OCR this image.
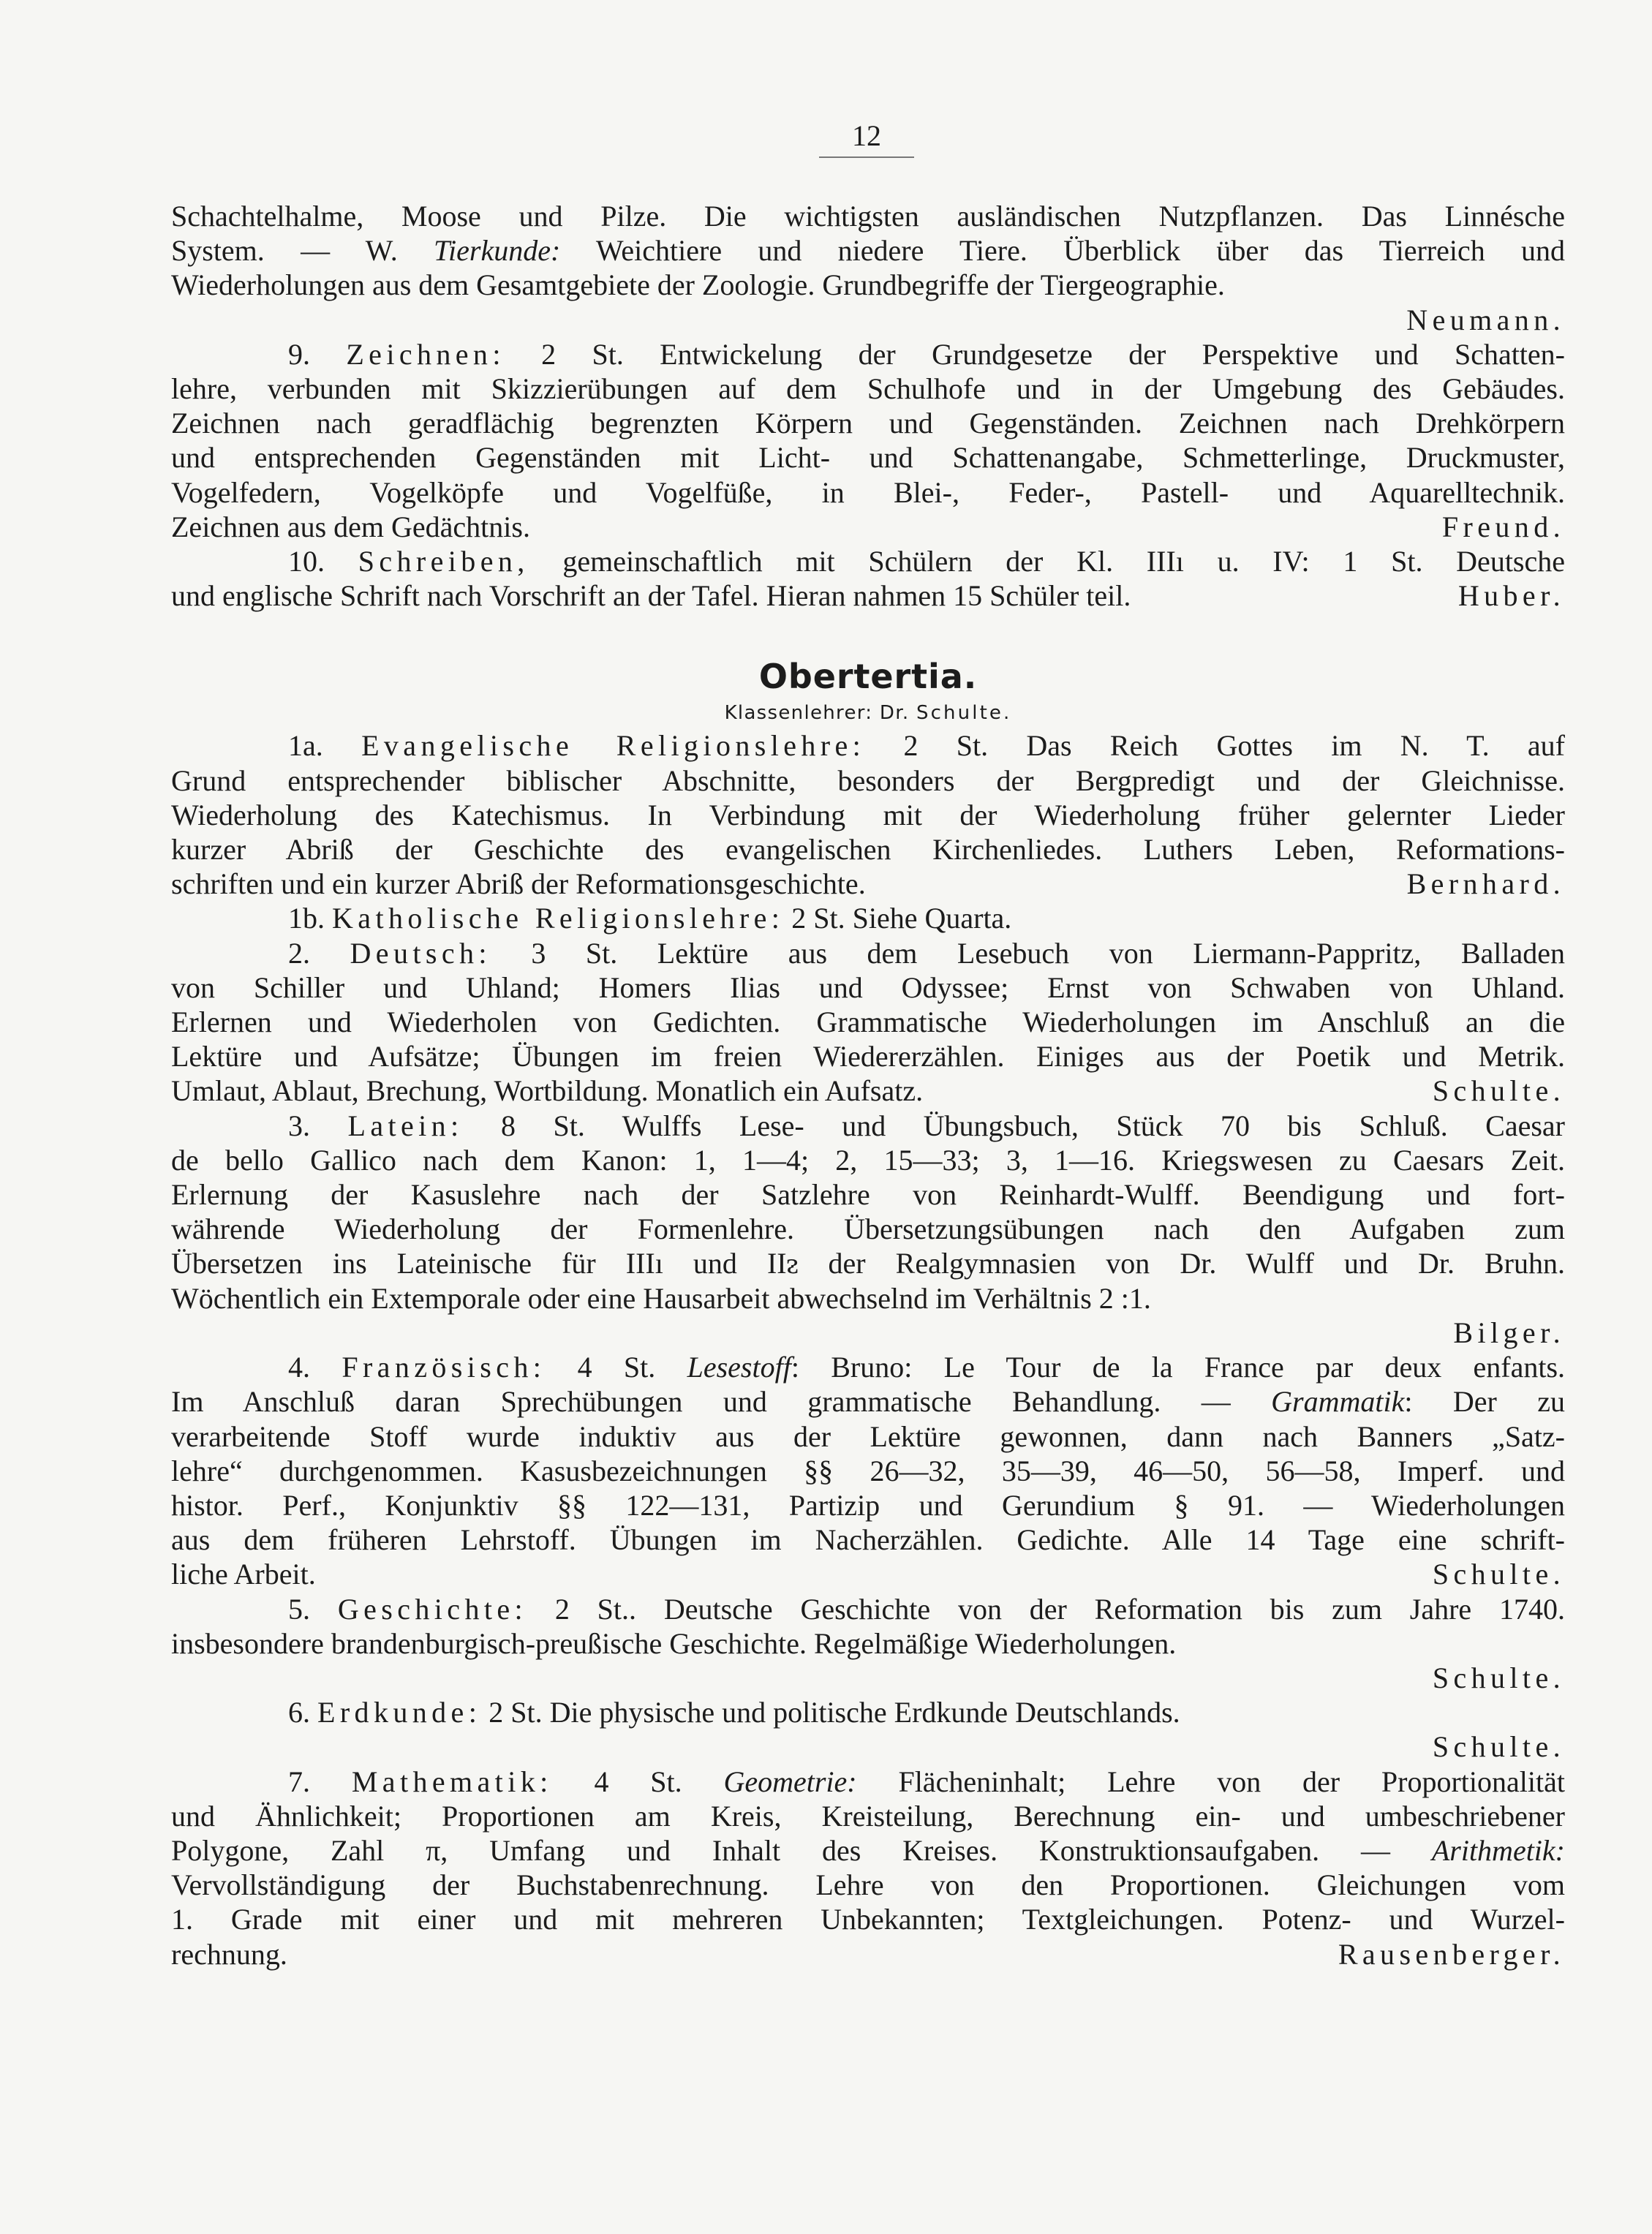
12

Schachtelhalme, Moose und Pilze. Die wichtigsten ausländischen Nutzpflanzen. Das Linnésche

System. — W. Tierkunde: Weichtiere und niedere Tiere. Überblick über das Tierreich und

Wiederholungen aus dem Gesamtgebiete der Zoologie. Grundbegriffe der Tiergeographie.

Neumann.

9. Zeichnen: 2 St. Entwickelung der Grundgesetze der Perspektive und Schatten-

lehre, verbunden mit Skizzierübungen auf dem Schulhofe und in der Umgebung des Gebäudes.

Zeichnen nach geradflächig begrenzten Körpern und Gegenständen. Zeichnen nach Drehkörpern

und entsprechenden Gegenständen mit Licht- und Schattenangabe, Schmetterlinge, Druckmuster,

Vogelfedern, Vogelköpfe und Vogelfüße, in Blei-, Feder-, Pastell- und Aquarelltechnik.

Zeichnen aus dem Gedächtnis.	Freund.

10. Schreiben, gemeinschaftlich mit Schülern der Kl. IIIı u. IV: 1 St. Deutsche

und englische Schrift nach Vorschrift an der Tafel. Hieran nahmen 15 Schüler teil.	Huber.
Obertertia.
Klassenlehrer: Dr. Schulte.

1a. Evangelische Religionslehre: 2 St. Das Reich Gottes im N. T. auf

Grund entsprechender biblischer Abschnitte, besonders der Bergpredigt und der Gleichnisse.

Wiederholung des Katechismus. In Verbindung mit der Wiederholung früher gelernter Lieder

kurzer Abriß der Geschichte des evangelischen Kirchenliedes. Luthers Leben, Reformations-

schriften und ein kurzer Abriß der Reformationsgeschichte.	Bernhard.

1b. Katholische Religionslehre: 2 St. Siehe Quarta.

2. Deutsch: 3 St. Lektüre aus dem Lesebuch von Liermann-Pappritz, Balladen

von Schiller und Uhland; Homers Ilias und Odyssee; Ernst von Schwaben von Uhland.

Erlernen und Wiederholen von Gedichten. Grammatische Wiederholungen im Anschluß an die

Lektüre und Aufsätze; Übungen im freien Wiedererzählen. Einiges aus der Poetik und Metrik.

Umlaut, Ablaut, Brechung, Wortbildung. Monatlich ein Aufsatz.	Schulte.

3. Latein: 8 St. Wulffs Lese- und Übungsbuch, Stück 70 bis Schluß. Caesar

de bello Gallico nach dem Kanon: 1, 1—4; 2, 15—33; 3, 1—16. Kriegswesen zu Caesars Zeit.

Erlernung der Kasuslehre nach der Satzlehre von Reinhardt-Wulff. Beendigung und fort-

währende Wiederholung der Formenlehre. Übersetzungsübungen nach den Aufgaben zum

Übersetzen ins Lateinische für IIIı und IIᴤ der Realgymnasien von Dr. Wulff und Dr. Bruhn.

Wöchentlich ein Extemporale oder eine Hausarbeit abwechselnd im Verhältnis 2 :1.

Bilger.

4. Französisch: 4 St. Lesestoff: Bruno: Le Tour de la France par deux enfants.

Im Anschluß daran Sprechübungen und grammatische Behandlung. — Grammatik: Der zu

verarbeitende Stoff wurde induktiv aus der Lektüre gewonnen, dann nach Banners „Satz-

lehre“ durchgenommen. Kasusbezeichnungen §§ 26—32, 35—39, 46—50, 56—58, Imperf. und

histor. Perf., Konjunktiv §§ 122—131, Partizip und Gerundium § 91. — Wiederholungen

aus dem früheren Lehrstoff. Übungen im Nacherzählen. Gedichte. Alle 14 Tage eine schrift-

liche Arbeit.	Schulte.

5. Geschichte: 2 St.. Deutsche Geschichte von der Reformation bis zum Jahre 1740.

insbesondere brandenburgisch-preußische Geschichte. Regelmäßige Wiederholungen.

Schulte.

6. Erdkunde: 2 St. Die physische und politische Erdkunde Deutschlands.

Schulte.

7. Mathematik: 4 St. Geometrie: Flächeninhalt; Lehre von der Proportionalität

und Ähnlichkeit; Proportionen am Kreis, Kreisteilung, Berechnung ein- und umbeschriebener

Polygone, Zahl π, Umfang und Inhalt des Kreises. Konstruktionsaufgaben. — Arithmetik:

Vervollständigung der Buchstabenrechnung. Lehre von den Proportionen. Gleichungen vom

1. Grade mit einer und mit mehreren Unbekannten; Textgleichungen. Potenz- und Wurzel-

rechnung.	Rausenberger.
